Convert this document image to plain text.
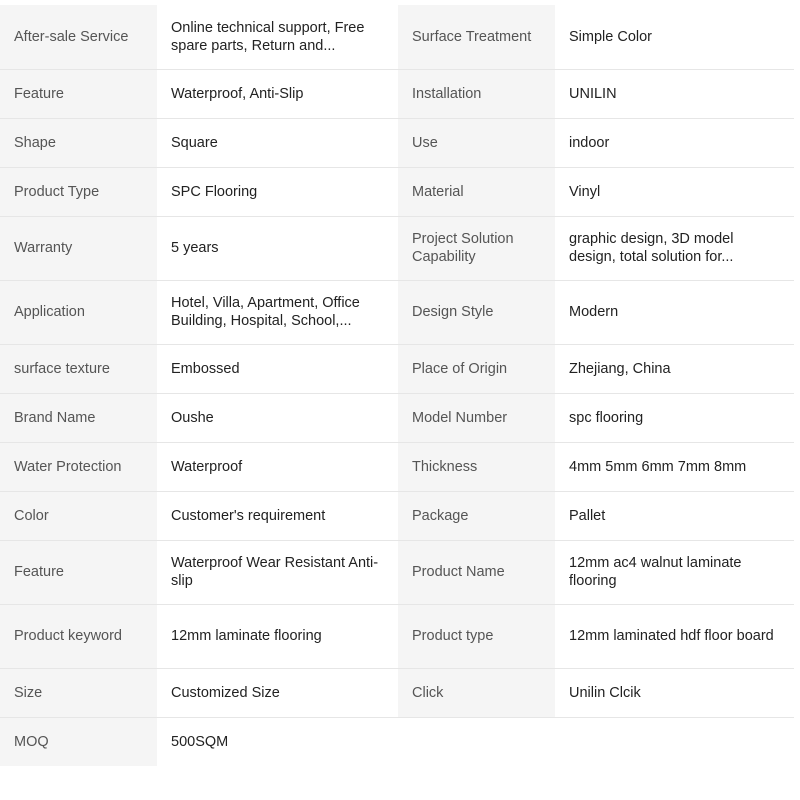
After-sale Service	Online technical support, Free spare parts, Return and...	Surface Treatment	Simple Color
Feature	Waterproof, Anti-Slip	Installation	UNILIN
Shape	Square	Use	indoor
Product Type	SPC Flooring	Material	Vinyl
Warranty	5 years	Project Solution Capability	graphic design, 3D model design, total solution for...

Application	Hotel, Villa, Apartment, Office Building, Hospital, School,...	Design Style	Modern
surface texture	Embossed	Place of Origin	Zhejiang, China
Brand Name	Oushe	Model Number	spc flooring
Water Protection	Waterproof	Thickness	4mm 5mm 6mm 7mm 8mm
Color	Customer's requirement	Package	Pallet
Feature	Waterproof Wear Resistant Anti-slip	Product Name	12mm ac4 walnut laminate flooring
Product keyword	12mm laminate flooring	Product type	12mm laminated hdf floor board
Size	Customized Size	Click	Unilin Clcik
MOQ	500SQM		
